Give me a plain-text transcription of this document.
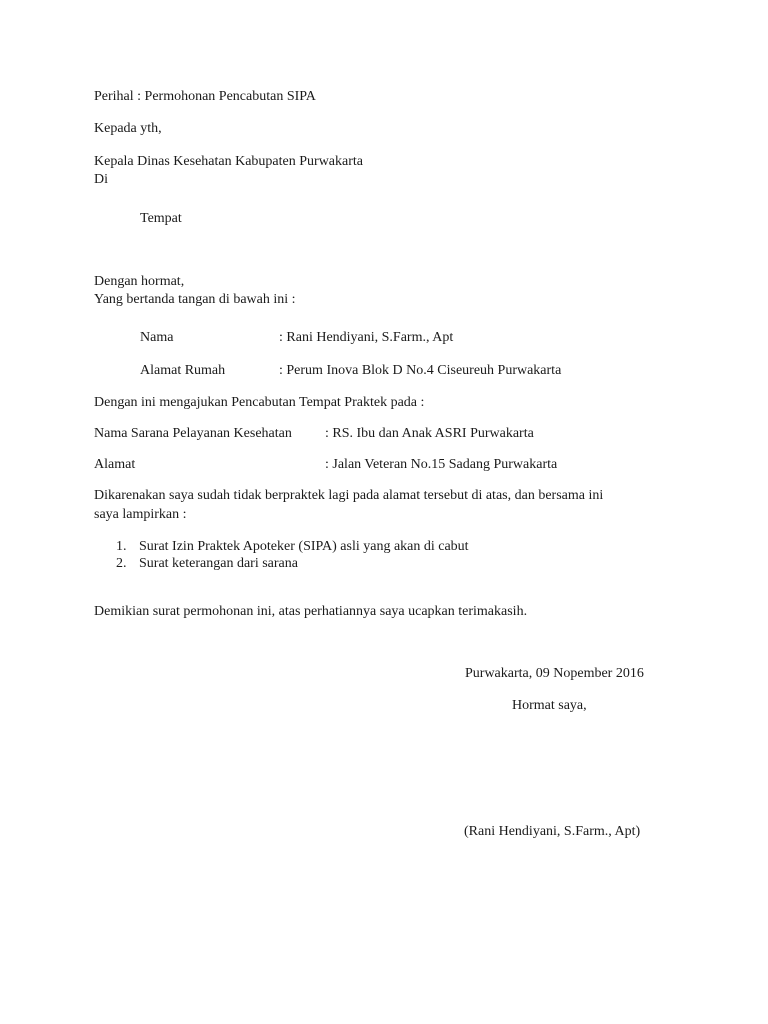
Perihal : Permohonan Pencabutan SIPA
Kepada yth,
Kepala Dinas Kesehatan Kabupaten Purwakarta
Di
Tempat
Dengan hormat,
Yang bertanda tangan di bawah ini :
Nama	: Rani Hendiyani, S.Farm., Apt
Alamat Rumah	: Perum Inova Blok D No.4 Ciseureuh Purwakarta
Dengan ini mengajukan Pencabutan Tempat Praktek pada :
Nama Sarana Pelayanan Kesehatan : RS. Ibu dan Anak ASRI Purwakarta
Alamat	: Jalan Veteran No.15 Sadang Purwakarta
Dikarenakan saya sudah tidak berpraktek lagi pada alamat tersebut di atas, dan bersama ini
saya lampirkan :
1. Surat Izin Praktek Apoteker (SIPA) asli yang akan di cabut
2. Surat keterangan dari sarana
Demikian surat permohonan ini, atas perhatiannya saya ucapkan terimakasih.
Purwakarta, 09 Nopember 2016
Hormat saya,
(Rani Hendiyani, S.Farm., Apt)
